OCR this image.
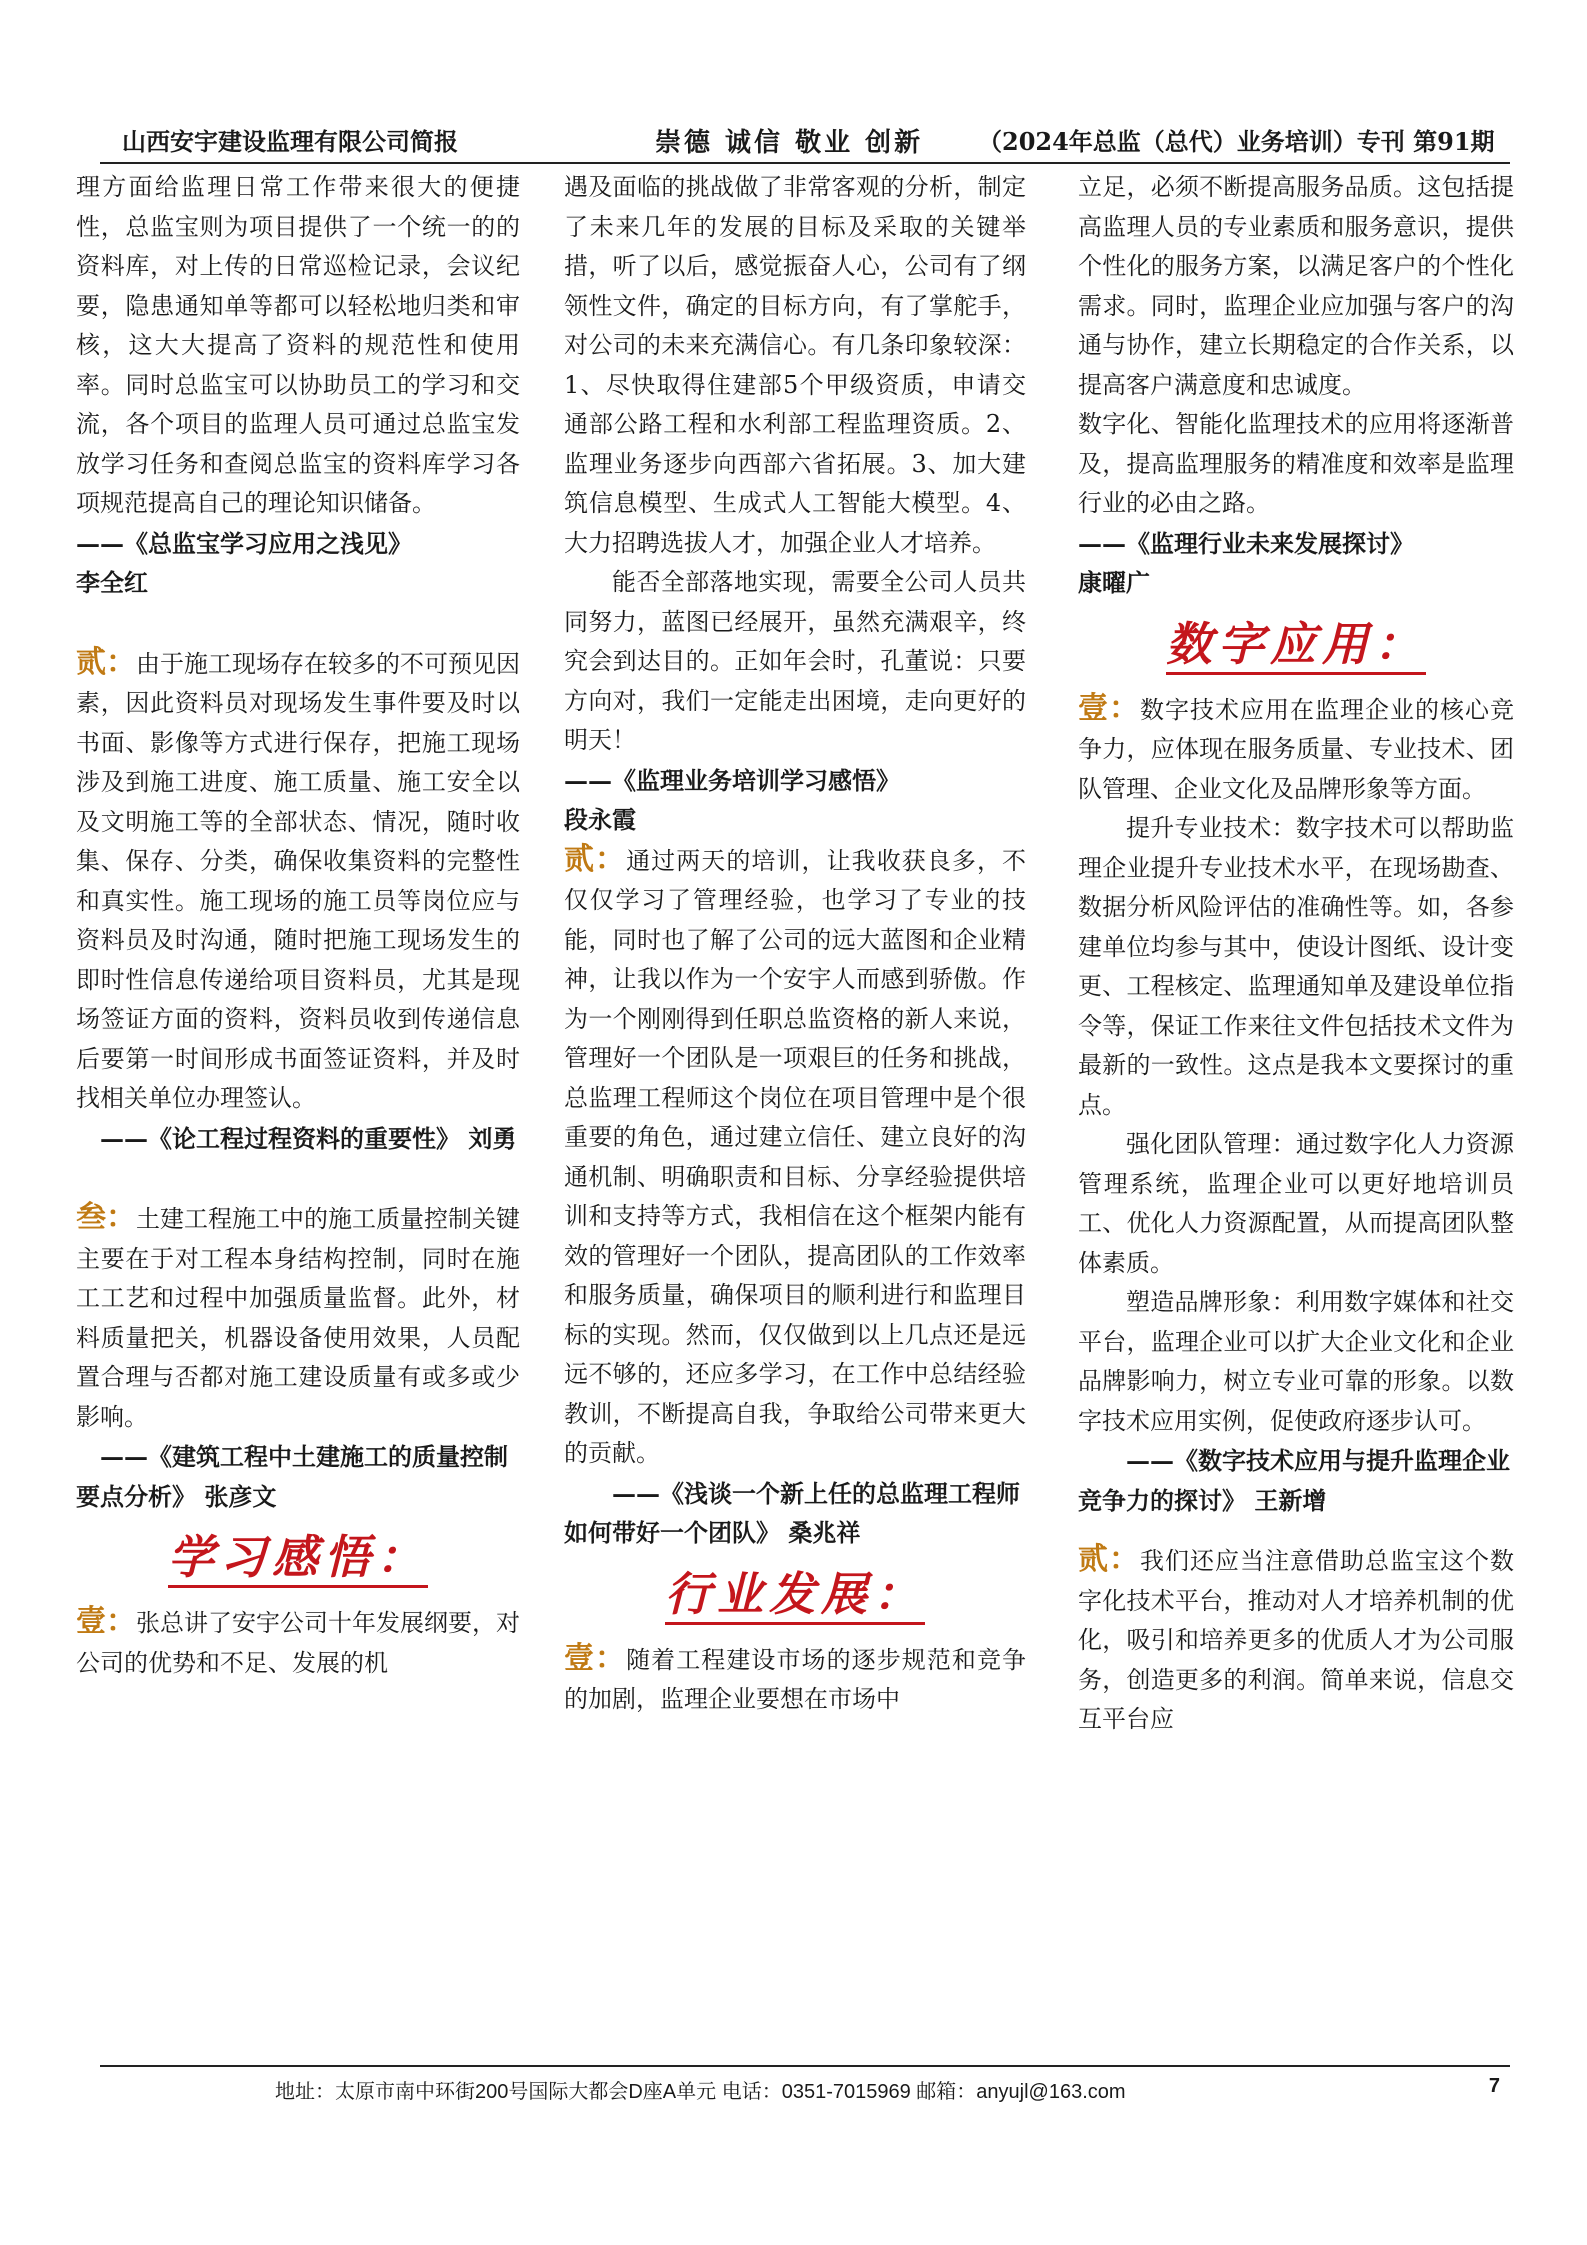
山西安宇建设监理有限公司简报	崇德 诚信 敬业 创新 （2024年总监（总代）业务培训）专刊 第91期

理方面给监理日常工作带来很大的便捷性，总监宝则为项目提供了一个统一的的资料库，对上传的日常巡检记录，会议纪要，隐患通知单等都可以轻松地归类和审核，这大大提高了资料的规范性和使用率。同时总监宝可以协助员工的学习和交流，各个项目的监理人员可通过总监宝发放学习任务和查阅总监宝的资料库学习各项规范提高自己的理论知识储备。

——《总监宝学习应用之浅见》

李全红

贰：由于施工现场存在较多的不可预见因素，因此资料员对现场发生事件要及时以书面、影像等方式进行保存，把施工现场涉及到施工进度、施工质量、施工安全以及文明施工等的全部状态、情况，随时收集、保存、分类，确保收集资料的完整性和真实性。施工现场的施工员等岗位应与资料员及时沟通，随时把施工现场发生的即时性信息传递给项目资料员，尤其是现场签证方面的资料，资料员收到传递信息后要第一时间形成书面签证资料，并及时找相关单位办理签认。

——《论工程过程资料的重要性》 刘勇

叁：土建工程施工中的施工质量控制关键主要在于对工程本身结构控制，同时在施工工艺和过程中加强质量监督。此外，材料质量把关，机器设备使用效果，人员配置合理与否都对施工建设质量有或多或少影响。

——《建筑工程中土建施工的质量控制要点分析》 张彦文

学习感悟：

壹：张总讲了安宇公司十年发展纲要，对公司的优势和不足、发展的机

遇及面临的挑战做了非常客观的分析，制定了未来几年的发展的目标及采取的关键举措，听了以后，感觉振奋人心，公司有了纲领性文件，确定的目标方向，有了掌舵手，对公司的未来充满信心。有几条印象较深：1、尽快取得住建部5个甲级资质，申请交通部公路工程和水利部工程监理资质。2、监理业务逐步向西部六省拓展。3、加大建筑信息模型、生成式人工智能大模型。4、大力招聘选拔人才，加强企业人才培养。

能否全部落地实现，需要全公司人员共同努力，蓝图已经展开，虽然充满艰辛，终究会到达目的。正如年会时，孔董说：只要方向对，我们一定能走出困境，走向更好的明天！

——《监理业务培训学习感悟》

段永霞

贰：通过两天的培训，让我收获良多，不仅仅学习了管理经验，也学习了专业的技能，同时也了解了公司的远大蓝图和企业精神，让我以作为一个安宇人而感到骄傲。作为一个刚刚得到任职总监资格的新人来说，管理好一个团队是一项艰巨的任务和挑战，总监理工程师这个岗位在项目管理中是个很重要的角色，通过建立信任、建立良好的沟通机制、明确职责和目标、分享经验提供培训和支持等方式，我相信在这个框架内能有效的管理好一个团队，提高团队的工作效率和服务质量，确保项目的顺利进行和监理目标的实现。然而，仅仅做到以上几点还是远远不够的，还应多学习，在工作中总结经验教训，不断提高自我，争取给公司带来更大的贡献。

——《浅谈一个新上任的总监理工程师如何带好一个团队》 桑兆祥

行业发展：

壹：随着工程建设市场的逐步规范和竞争的加剧，监理企业要想在市场中

立足，必须不断提高服务品质。这包括提高监理人员的专业素质和服务意识，提供个性化的服务方案，以满足客户的个性化需求。同时，监理企业应加强与客户的沟通与协作，建立长期稳定的合作关系，以提高客户满意度和忠诚度。

数字化、智能化监理技术的应用将逐渐普及，提高监理服务的精准度和效率是监理行业的必由之路。

——《监理行业未来发展探讨》

康曜广

数字应用：

壹：数字技术应用在监理企业的核心竞争力，应体现在服务质量、专业技术、团队管理、企业文化及品牌形象等方面。

提升专业技术：数字技术可以帮助监理企业提升专业技术水平，在现场勘查、数据分析风险评估的准确性等。如，各参建单位均参与其中，使设计图纸、设计变更、工程核定、监理通知单及建设单位指令等，保证工作来往文件包括技术文件为最新的一致性。这点是我本文要探讨的重点。

强化团队管理：通过数字化人力资源管理系统，监理企业可以更好地培训员工、优化人力资源配置，从而提高团队整体素质。

塑造品牌形象：利用数字媒体和社交平台，监理企业可以扩大企业文化和企业品牌影响力，树立专业可靠的形象。以数字技术应用实例，促使政府逐步认可。

——《数字技术应用与提升监理企业竞争力的探讨》 王新增

贰：我们还应当注意借助总监宝这个数字化技术平台，推动对人才培养机制的优化，吸引和培养更多的优质人才为公司服务，创造更多的利润。简单来说，信息交互平台应

地址：太原市南中环街200号国际大都会D座A单元 电话：0351-7015969 邮箱：anyujl@163.com	7
